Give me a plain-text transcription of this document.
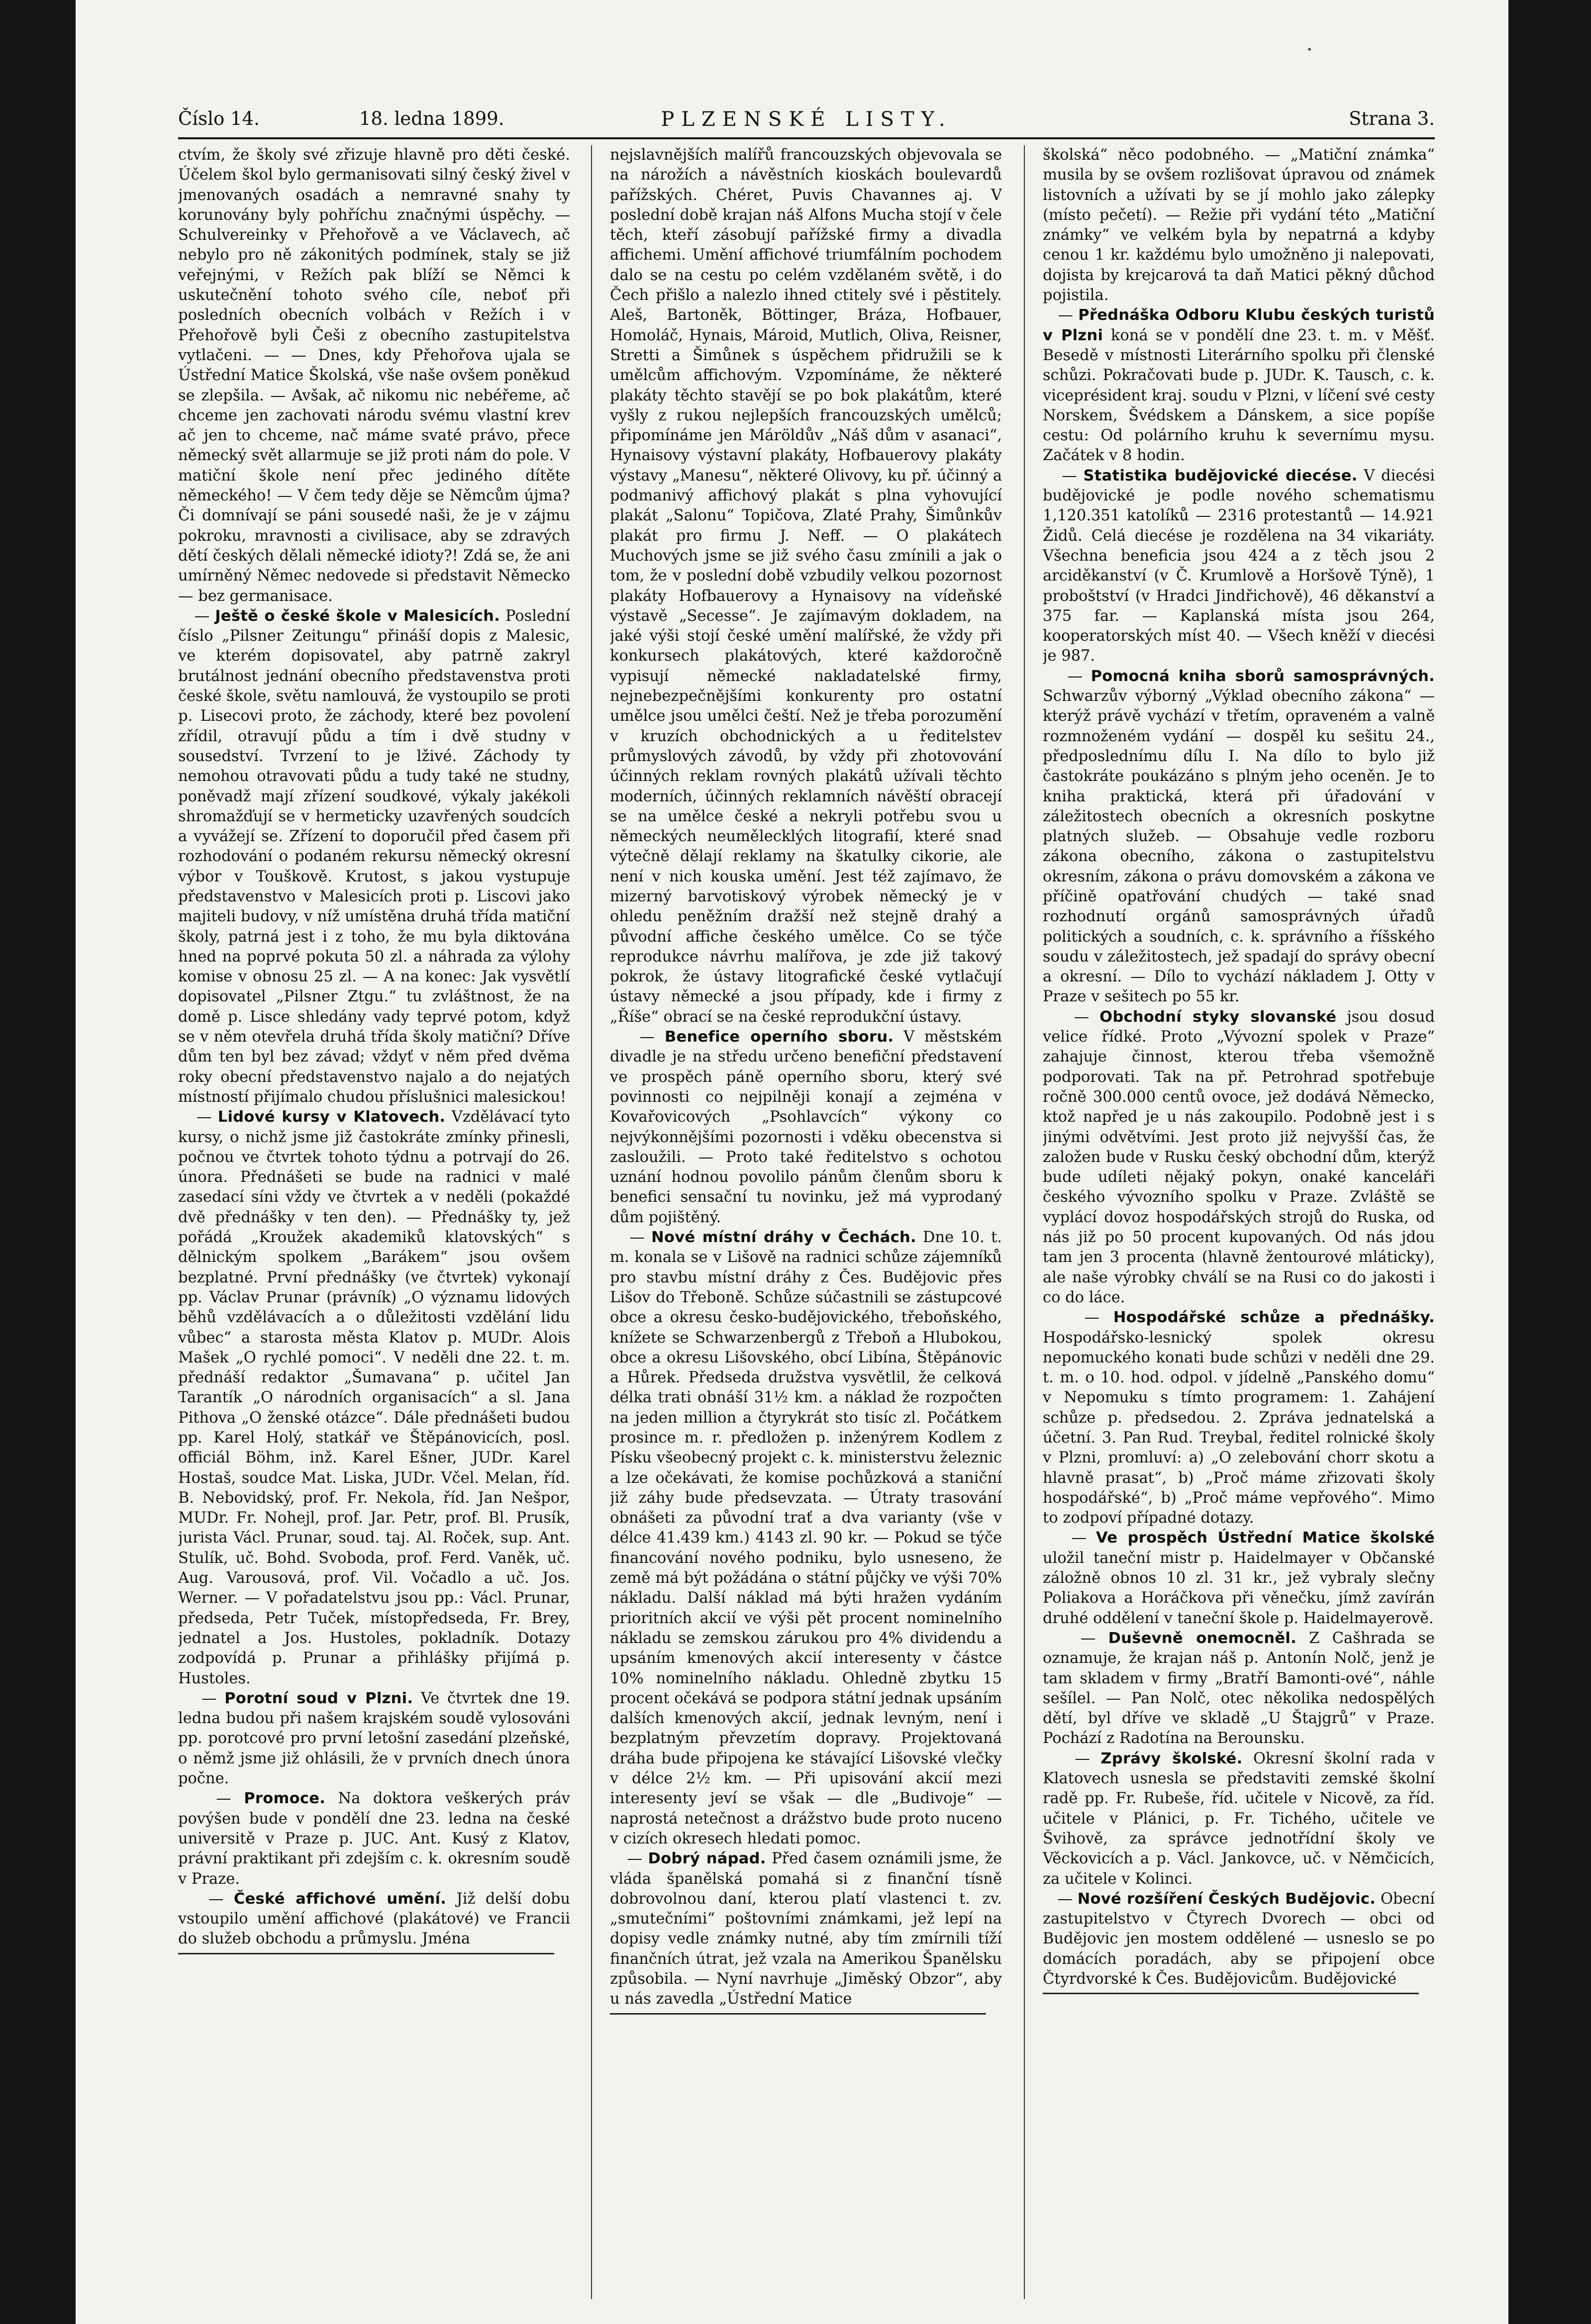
Číslo 14.	18. ledna 1899.	PLZENSKÉ LISTY.	Strana 3.

ctvím, že školy své zřizuje hlavně pro děti české. Účelem škol bylo germanisovati silný český živel v jmenovaných osadách a nemravné snahy ty korunovány byly pohříchu značnými úspěchy. — Schulvereinky v Přehořově a ve Václavech, ač nebylo pro ně zákonitých podmínek, staly se již veřejnými, v Režích pak blíží se Němci k uskutečnění tohoto svého cíle, neboť při posledních obecních volbách v Režích i v Přehořově byli Češi z obecního zastupitelstva vytlačeni. — — Dnes, kdy Přehořova ujala se Ústřední Matice Školská, vše naše ovšem poněkud se zlepšila. — Avšak, ač nikomu nic nebéřeme, ač chceme jen zachovati národu svému vlastní krev ač jen to chceme, nač máme svaté právo, přece německý svět allarmuje se již proti nám do pole. V matiční škole není přec jediného dítěte německého! — V čem tedy děje se Němcům újma? Či domnívají se páni sousedé naši, že je v zájmu pokroku, mravnosti a civilisace, aby se zdravých dětí českých dělali německé idioty?! Zdá se, že ani umírněný Němec nedovede si představit Německo — bez germanisace.

— Ještě o české škole v Malesicích. Poslední číslo „Pilsner Zeitungu“ přináší dopis z Malesic, ve kterém dopisovatel, aby patrně zakryl brutálnost jednání obecního představenstva proti české škole, světu namlouvá, že vystoupilo se proti p. Lisecovi proto, že záchody, které bez povolení zřídil, otravují půdu a tím i dvě studny v sousedství. Tvrzení to je lživé. Záchody ty nemohou otravovati půdu a tudy také ne studny, poněvadž mají zřízení soudkové, výkaly jakékoli shromažďují se v hermeticky uzavřených soudcích a vyvážejí se. Zřízení to doporučil před časem při rozhodování o podaném rekursu německý okresní výbor v Touškově. Krutost, s jakou vystupuje představenstvo v Malesicích proti p. Liscovi jako majiteli budovy, v níž umístěna druhá třída matiční školy, patrná jest i z toho, že mu byla diktována hned na poprvé pokuta 50 zl. a náhrada za výlohy komise v obnosu 25 zl. — A na konec: Jak vysvětlí dopisovatel „Pilsner Ztgu.“ tu zvláštnost, že na domě p. Lisce shledány vady teprvé potom, když se v něm otevřela druhá třída školy matiční? Dříve dům ten byl bez závad; vždyť v něm před dvěma roky obecní představenstvo najalo a do nejatých místností přijímalo chudou příslušnici malesickou!

— Lidové kursy v Klatovech. Vzdělávací tyto kursy, o nichž jsme již častokráte zmínky přinesli, počnou ve čtvrtek tohoto týdnu a potrvají do 26. února. Přednášeti se bude na radnici v malé zasedací síni vždy ve čtvrtek a v neděli (pokaždé dvě přednášky v ten den). — Přednášky ty, jež pořádá „Kroužek akademiků klatovských“ s dělnickým spolkem „Barákem“ jsou ovšem bezplatné. První přednášky (ve čtvrtek) vykonají pp. Václav Prunar (právník) „O významu lidových běhů vzdělávacích a o důležitosti vzdělání lidu vůbec“ a starosta města Klatov p. MUDr. Alois Mašek „O rychlé pomoci“. V neděli dne 22. t. m. přednáší redaktor „Šumavana“ p. učitel Jan Tarantík „O národních organisacích“ a sl. Jana Pithova „O ženské otázce“. Dále přednášeti budou pp. Karel Holý, statkář ve Štěpánovicích, posl. officiál Böhm, inž. Karel Ešner, JUDr. Karel Hostaš, soudce Mat. Liska, JUDr. Včel. Melan, říd. B. Nebovidský, prof. Fr. Nekola, říd. Jan Nešpor, MUDr. Fr. Nohejl, prof. Jar. Petr, prof. Bl. Prusík, jurista Václ. Prunar, soud. taj. Al. Roček, sup. Ant. Stulík, uč. Bohd. Svoboda, prof. Ferd. Vaněk, uč. Aug. Varousová, prof. Vil. Vočadlo a uč. Jos. Werner. — V pořadatelstvu jsou pp.: Václ. Prunar, předseda, Petr Tuček, místopředseda, Fr. Brey, jednatel a Jos. Hustoles, pokladník. Dotazy zodpovídá p. Prunar a přihlášky přijímá p. Hustoles.

— Porotní soud v Plzni. Ve čtvrtek dne 19. ledna budou při našem krajském soudě vylosováni pp. porotcové pro první letošní zasedání plzeňské, o němž jsme již ohlásili, že v prvních dnech února počne.

— Promoce. Na doktora veškerých práv povýšen bude v pondělí dne 23. ledna na české universitě v Praze p. JUC. Ant. Kusý z Klatov, právní praktikant při zdejším c. k. okresním soudě v Praze.

— České affichové umění. Již delší dobu vstoupilo umění affichové (plakátové) ve Francii do služeb obchodu a průmyslu. Jména

nejslavnějších malířů francouzských objevovala se na nárožích a návěstních kioskách boulevardů pařížských. Chéret, Puvis Chavannes aj. V poslední době krajan náš Alfons Mucha stojí v čele těch, kteří zásobují pařížské firmy a divadla affichemi. Umění affichové triumfálním pochodem dalo se na cestu po celém vzdělaném světě, i do Čech přišlo a nalezlo ihned ctitely své i pěstitely. Aleš, Bartoněk, Böttinger, Bráza, Hofbauer, Homoláč, Hynais, Mároid, Mutlich, Oliva, Reisner, Stretti a Šimůnek s úspěchem přidružili se k umělcům affichovým. Vzpomínáme, že některé plakáty těchto stavějí se po bok plakátům, které vyšly z rukou nejlepších francouzských umělců; připomínáme jen Máröldův „Náš dům v asanaci“, Hynaisovy výstavní plakáty, Hofbauerovy plakáty výstavy „Manesu“, některé Olivovy, ku př. účinný a podmanivý affichový plakát s plna vyhovující plakát „Salonu“ Topičova, Zlaté Prahy, Šimůnkův plakát pro firmu J. Neff. — O plakátech Muchových jsme se již svého času zmínili a jak o tom, že v poslední době vzbudily velkou pozornost plakáty Hofbauerovy a Hynaisovy na vídeňské výstavě „Secesse“. Je zajímavým dokladem, na jaké výši stojí české umění malířské, že vždy při konkursech plakátových, které každoročně vypisují německé nakladatelské firmy, nejnebezpečnějšími konkurenty pro ostatní umělce jsou umělci čeští. Než je třeba porozumění v kruzích obchodnických a u ředitelstev průmyslových závodů, by vždy při zhotovování účinných reklam rovných plakátů užívali těchto moderních, účinných reklamních návěští obracejí se na umělce české a nekryli potřebu svou u německých neumělecklých litografií, které snad výtečně dělají reklamy na škatulky cikorie, ale není v nich kouska umění. Jest též zajímavo, že mizerný barvotiskový výrobek německý je v ohledu peněžním dražší než stejně drahý a původní affiche českého umělce. Co se týče reprodukce návrhu malířova, je zde již takový pokrok, že ústavy litografické české vytlačují ústavy německé a jsou případy, kde i firmy z „Říše“ obrací se na české reprodukční ústavy.

— Benefice operního sboru. V městském divadle je na středu určeno benefiční představení ve prospěch páně operního sboru, který své povinnosti co nejpilněji konají a zejména v Kovařovicových „Psohlavcích“ výkony co nejvýkonnějšími pozornosti i vděku obecenstva si zasloužili. — Proto také ředitelstvo s ochotou uznání hodnou povolilo pánům členům sboru k benefici sensační tu novinku, jež má vyprodaný dům pojištěný.

— Nové místní dráhy v Čechách. Dne 10. t. m. konala se v Lišově na radnici schůze zájemníků pro stavbu místní dráhy z Čes. Budějovic přes Lišov do Třeboně. Schůze súčastnili se zástupcové obce a okresu česko-budějovického, třeboňského, knížete se Schwarzenbergů z Třeboň a Hlubokou, obce a okresu Lišovského, obcí Libína, Štěpánovic a Hůrek. Předseda družstva vysvětlil, že celková délka trati obnáší 31½ km. a náklad že rozpočten na jeden million a čtyrykrát sto tisíc zl. Počátkem prosince m. r. předložen p. inženýrem Kodlem z Písku všeobecný projekt c. k. ministerstvu železnic a lze očekávati, že komise pochůzková a staniční již záhy bude předsevzata. — Útraty trasování obnášeti za původní trať a dva varianty (vše v délce 41.439 km.) 4143 zl. 90 kr. — Pokud se týče financování nového podniku, bylo usneseno, že země má být požádána o státní půjčky ve výši 70% nákladu. Další náklad má býti hražen vydáním prioritních akcií ve výši pět procent nominelního nákladu se zemskou zárukou pro 4% dividendu a upsáním kmenových akcií interesenty v částce 10% nominelního nákladu. Ohledně zbytku 15 procent očekává se podpora státní jednak upsáním dalších kmenových akcií, jednak levným, není i bezplatným převzetím dopravy. Projektovaná dráha bude připojena ke stávající Lišovské vlečky v délce 2½ km. — Při upisování akcií mezi interesenty jeví se však — dle „Budivoje“ — naprostá netečnost a drážstvo bude proto nuceno v cizích okresech hledati pomoc.

— Dobrý nápad. Před časem oznámili jsme, že vláda španělská pomahá si z finanční tísně dobrovolnou daní, kterou platí vlastenci t. zv. „smutečními“ poštovními známkami, jež lepí na dopisy vedle známky nutné, aby tím zmírnili tíží finančních útrat, jež vzala na Amerikou Španělsku způsobila. — Nyní navrhuje „Jiměský Obzor“, aby u nás zavedla „Ústřední Matice

školská“ něco podobného. — „Matiční známka“ musila by se ovšem rozlišovat úpravou od známek listovních a užívati by se jí mohlo jako zálepky (místo pečetí). — Režie při vydání této „Matiční známky“ ve velkém byla by nepatrná a kdyby cenou 1 kr. každému bylo umožněno ji nalepovati, dojista by krejcarová ta daň Matici pěkný důchod pojistila.

— Přednáška Odboru Klubu českých turistů v Plzni koná se v pondělí dne 23. t. m. v Měšť. Besedě v místnosti Literárního spolku při členské schůzi. Pokračovati bude p. JUDr. K. Tausch, c. k. viceprésident kraj. soudu v Plzni, v líčení své cesty Norskem, Švédskem a Dánskem, a sice popíše cestu: Od polárního kruhu k severnímu mysu. Začátek v 8 hodin.

— Statistika budějovické diecése. V diecési budějovické je podle nového schematismu 1,120.351 katolíků — 2316 protestantů — 14.921 Židů. Celá diecése je rozdělena na 34 vikariáty. Všechna beneficia jsou 424 a z těch jsou 2 arciděkanství (v Č. Krumlově a Horšově Týně), 1 proboštství (v Hradci Jindřichově), 46 děkanství a 375 far. — Kaplanská místa jsou 264, kooperatorských míst 40. — Všech kněží v diecési je 987.

— Pomocná kniha sborů samosprávných. Schwarzův výborný „Výklad obecního zákona“ — kterýž právě vychází v třetím, opraveném a valně rozmnoženém vydání — dospěl ku sešitu 24., předposlednímu dílu I. Na dílo to bylo již častokráte poukázáno s plným jeho oceněn. Je to kniha praktická, která při úřadování v záležitostech obecních a okresních poskytne platných služeb. — Obsahuje vedle rozboru zákona obecního, zákona o zastupitelstvu okresním, zákona o právu domovském a zákona ve příčině opatřování chudých — také snad rozhodnutí orgánů samosprávných úřadů politických a soudních, c. k. správního a říšského soudu v záležitostech, jež spadají do správy obecní a okresní. — Dílo to vychází nákladem J. Otty v Praze v sešitech po 55 kr.

— Obchodní styky slovanské jsou dosud velice řídké. Proto „Vývozní spolek v Praze“ zahajuje činnost, kterou třeba všemožně podporovati. Tak na př. Petrohrad spotřebuje ročně 300.000 centů ovoce, jež dodává Německo, ktož napřed je u nás zakoupilo. Podobně jest i s jinými odvětvími. Jest proto již nejvyšší čas, že založen bude v Rusku český obchodní dům, kterýž bude udíleti nějaký pokyn, onaké kanceláři českého vývozního spolku v Praze. Zvláště se vyplácí dovoz hospodářských strojů do Ruska, od nás již po 50 procent kupovaných. Od nás jdou tam jen 3 procenta (hlavně žentourové mláticky), ale naše výrobky chválí se na Rusi co do jakosti i co do láce.

— Hospodářské schůze a přednášky. Hospodářsko-lesnický spolek okresu nepomuckého konati bude schůzi v neděli dne 29. t. m. o 10. hod. odpol. v jídelně „Panského domu“ v Nepomuku s tímto programem: 1. Zahájení schůze p. předsedou. 2. Zpráva jednatelská a účetní. 3. Pan Rud. Treybal, ředitel rolnické školy v Plzni, promluví: a) „O zelebování chorr skotu a hlavně prasat“, b) „Proč máme zřizovati školy hospodářské“, b) „Proč máme vepřového“. Mimo to zodpoví případné dotazy.

— Ve prospěch Ústřední Matice školské uložil taneční mistr p. Haidelmayer v Občanské záložně obnos 10 zl. 31 kr., jež vybraly slečny Poliakova a Horáčkova při věnečku, jímž zavírán druhé oddělení v taneční škole p. Haidelmayerově.

— Duševně onemocněl. Z Cašhrada se oznamuje, že krajan náš p. Antonín Nolč, jenž je tam skladem v firmy „Bratří Bamonti-ové“, náhle sešílel. — Pan Nolč, otec několika nedospělých dětí, byl dříve ve skladě „U Štajgrů“ v Praze. Pochází z Radotína na Berounsku.

— Zprávy školské. Okresní školní rada v Klatovech usnesla se představiti zemské školní radě pp. Fr. Rubeše, říd. učitele v Nicově, za říd. učitele v Plánici, p. Fr. Tichého, učitele ve Švihově, za správce jednotřídní školy ve Věckovicích a p. Václ. Jankovce, uč. v Němčicích, za učitele v Kolinci.

— Nové rozšíření Českých Budějovic. Obecní zastupitelstvo v Čtyrech Dvorech — obci od Budějovic jen mostem oddělené — usneslo se po domácích poradách, aby se připojení obce Čtyrdvorské k Čes. Budějovicům. Budějovické
